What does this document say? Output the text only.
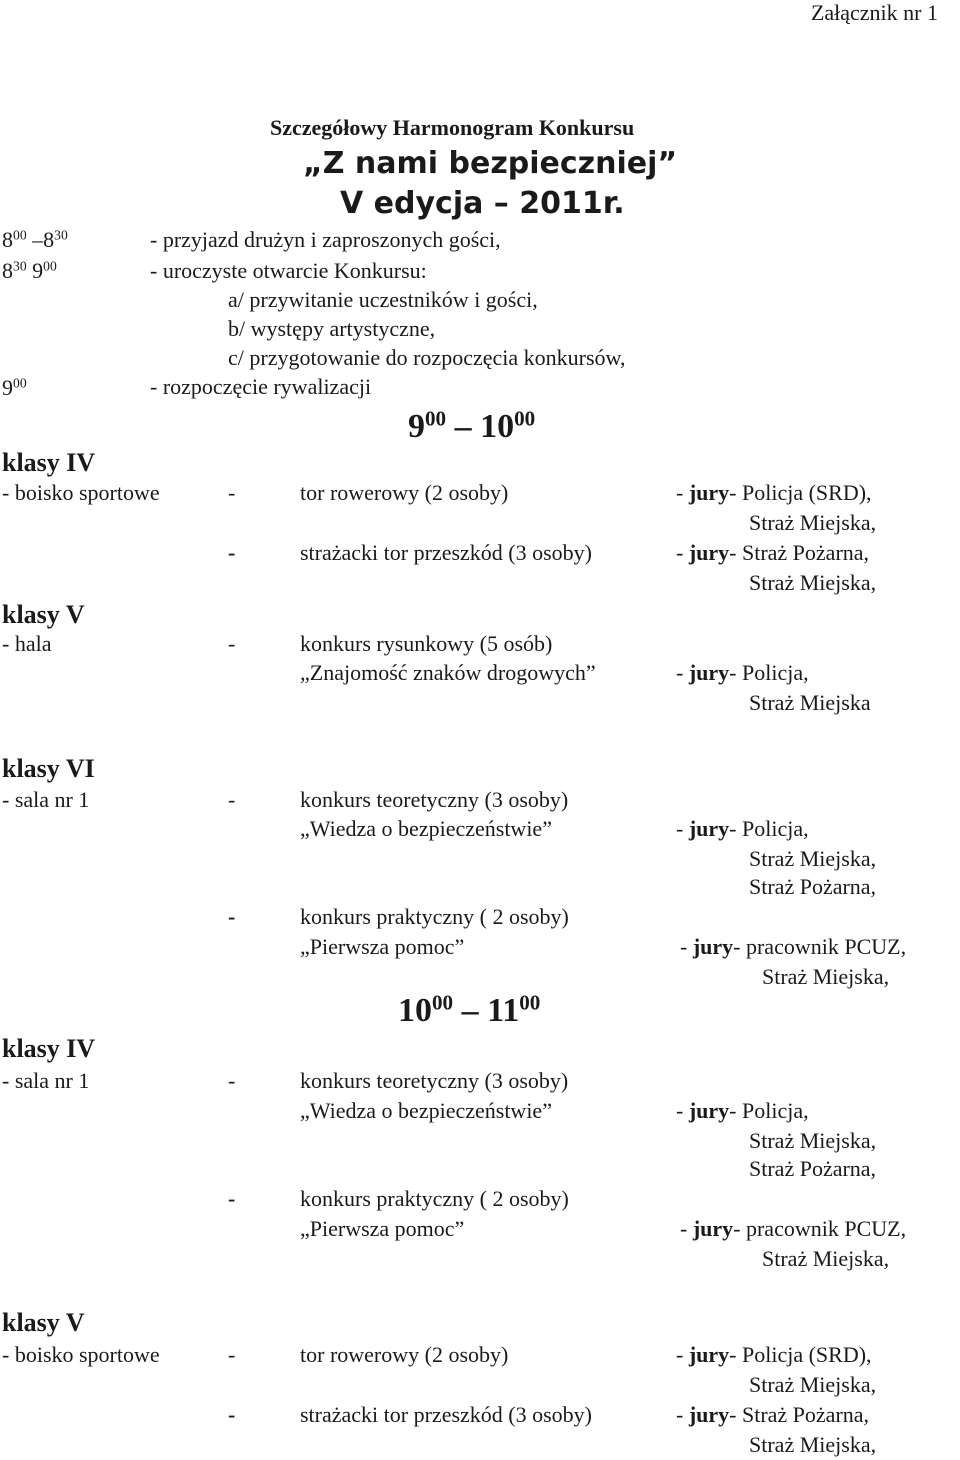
Załącznik nr 1
Szczegółowy Harmonogram Konkursu
„Z nami bezpieczniej”
V edycja – 2011r.
$8^{00}$ $-8^{30}$	- przyjazd drużyn i zaproszonych gości,
$8^{30}$ $9^{00}$	- uroczyste otwarcie Konkursu:
a/ przywitanie uczestników i gości,
b/ występy artystyczne,
c/ przygotowanie do rozpoczęcia konkursów,
$9^{00}$	- rozpoczęcie rywalizacji
$9^{00} - 10^{00}$
klasy IV
- boisko sportowe	-	tor rowerowy (2 osoby)	- jury- Policja (SRD),
Straż Miejska,
-	strażacki tor przeszkód (3 osoby)	- jury- Straż Pożarna,
Straż Miejska,
klasy V
- hala	-	konkurs rysunkowy (5 osób)
„Znajomość znaków drogowych”	- jury- Policja,
Straż Miejska
klasy VI
- sala nr 1	-	konkurs teoretyczny (3 osoby)
„Wiedza o bezpieczeństwie”	- jury- Policja,
Straż Miejska,
Straż Pożarna,
-	konkurs praktyczny ( 2 osoby)
„Pierwsza pomoc”	- jury- pracownik PCUZ,
Straż Miejska,
$10^{00} - 11^{00}$
klasy IV
- sala nr 1	-	konkurs teoretyczny (3 osoby)
„Wiedza o bezpieczeństwie”	- jury- Policja,
Straż Miejska,
Straż Pożarna,
-	konkurs praktyczny ( 2 osoby)
„Pierwsza pomoc”	- jury- pracownik PCUZ,
Straż Miejska,
klasy V
- boisko sportowe	-	tor rowerowy (2 osoby)	- jury- Policja (SRD),
Straż Miejska,
-	strażacki tor przeszkód (3 osoby)	- jury- Straż Pożarna,
Straż Miejska,
